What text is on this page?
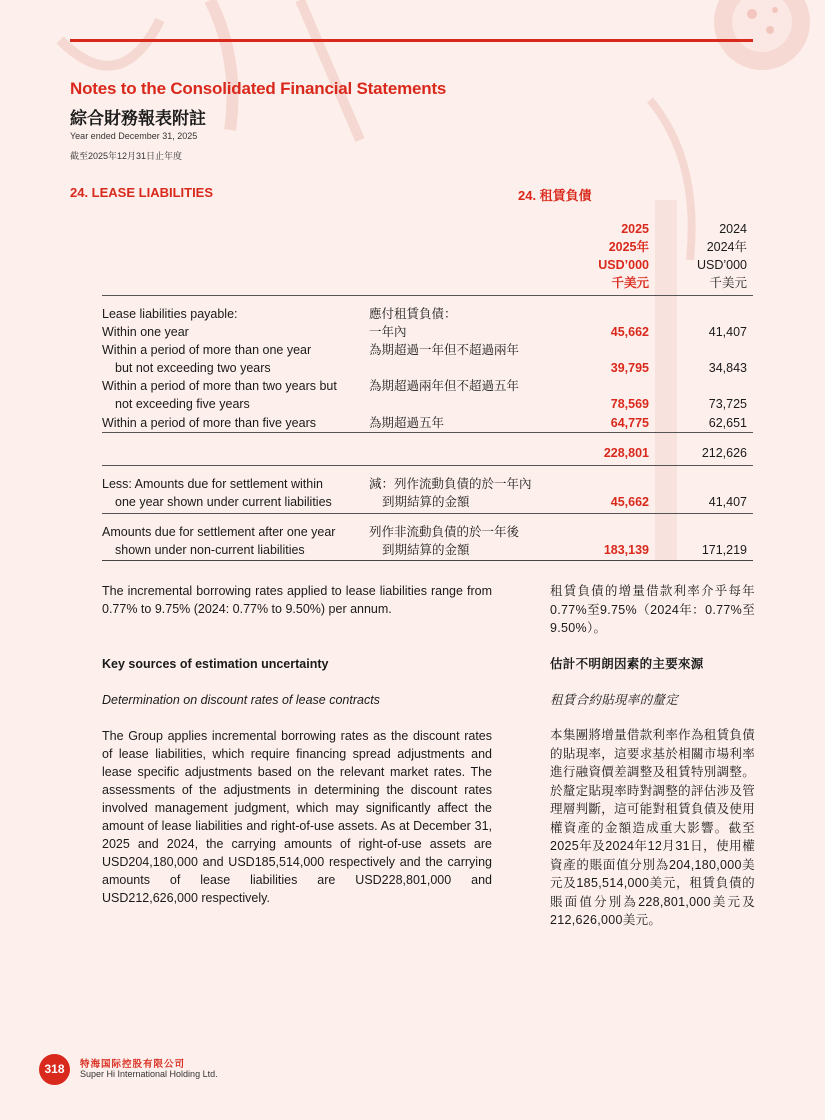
Notes to the Consolidated Financial Statements
綜合財務報表附註
Year ended December 31, 2025
截至2025年12月31日止年度
24. LEASE LIABILITIES	24. 租賃負債
2025
2025年
USD’000
千美元
2024
2024年
USD’000
千美元
Lease liabilities payable:	應付租賃負債：
Within one year	一年內	45,662	41,407
Within a period of more than one year
but not exceeding two years
為期超過一年但不超過兩年
39,795	34,843
Within a period of more than two years but
not exceeding five years
為期超過兩年但不超過五年
78,569	73,725
Within a period of more than five years	為期超過五年	64,775	62,651
228,801	212,626
Less: Amounts due for settlement within
one year shown under current liabilities
減：列作流動負債的於一年內
到期結算的金額	45,662	41,407
Amounts due for settlement after one year
shown under non-current liabilities
列作非流動負債的於一年後
到期結算的金額	183,139	171,219
The incremental borrowing rates applied to lease liabilities range from 0.77% to 9.75% (2024: 0.77% to 9.50%) per annum.
租賃負債的增量借款利率介乎每年0.77%至9.75%（2024年：0.77%至9.50%）。
Key sources of estimation uncertainty	估計不明朗因素的主要來源
Determination on discount rates of lease contracts	租賃合約貼現率的釐定
The Group applies incremental borrowing rates as the discount rates of lease liabilities, which require financing spread adjustments and lease specific adjustments based on the relevant market rates. The assessments of the adjustments in determining the discount rates involved management judgment, which may significantly affect the amount of lease liabilities and right-of-use assets. As at December 31, 2025 and 2024, the carrying amounts of right-of-use assets are USD204,180,000 and USD185,514,000 respectively and the carrying amounts of lease liabilities are USD228,801,000 and USD212,626,000 respectively.
本集團將增量借款利率作為租賃負債的貼現率，這要求基於相關市場利率進行融資價差調整及租賃特別調整。於釐定貼現率時對調整的評估涉及管理層判斷，這可能對租賃負債及使用權資產的金額造成重大影響。截至2025年及2024年12月31日，使用權資產的賬面值分別為204,180,000美元及185,514,000美元，租賃負債的賬面值分別為228,801,000美元及212,626,000美元。
318	特海国际控股有限公司
Super Hi International Holding Ltd.
